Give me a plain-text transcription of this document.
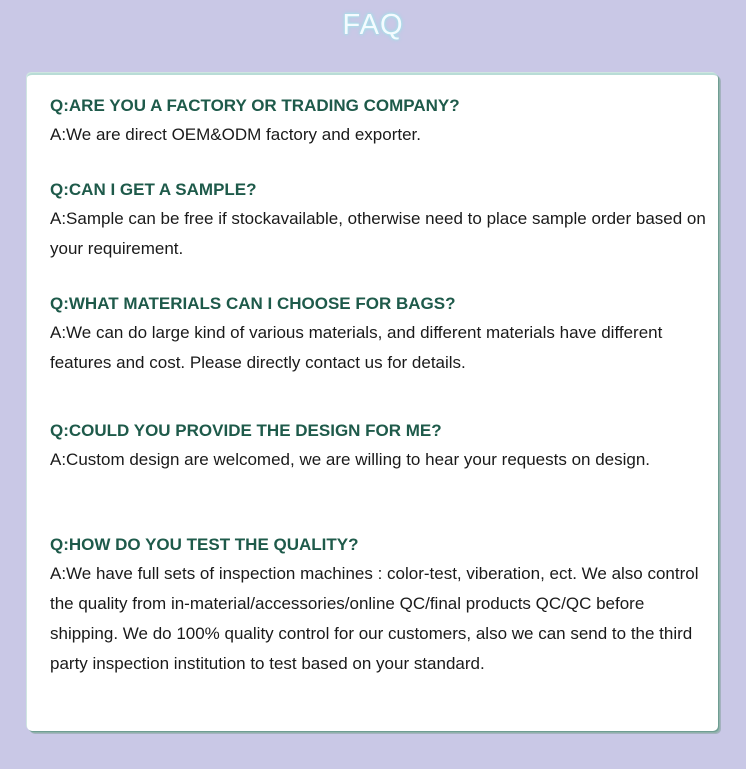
FAQ
Q:ARE YOU A FACTORY OR TRADING COMPANY?
A:We are direct OEM&ODM factory and exporter.
Q:CAN I GET A SAMPLE?
A:Sample can be free if stockavailable, otherwise need to place sample order based on your requirement.
Q:WHAT MATERIALS CAN I CHOOSE FOR BAGS?
A:We can do large kind of various materials, and different materials have different features and cost. Please directly contact us for details.
Q:COULD YOU PROVIDE THE DESIGN FOR ME?
A:Custom design are welcomed, we are willing to hear your requests on design.
Q:HOW DO YOU TEST THE QUALITY?
A:We have full sets of inspection machines : color-test, viberation, ect. We also control the quality from in-material/accessories/online QC/final products QC/QC before shipping. We do 100% quality control for our customers, also we can send to the third party inspection institution to test based on your standard.
